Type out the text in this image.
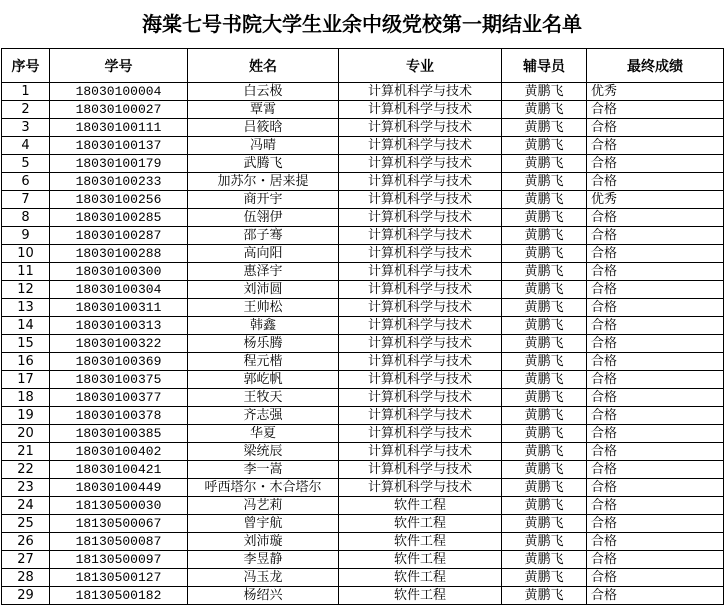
海棠七号书院大学生业余中级党校第一期结业名单
序号	学号	姓名	专业	辅导员	最终成绩
1	18030100004	白云极	计算机科学与技术	黄鹏飞	优秀
2	18030100027	覃霄	计算机科学与技术	黄鹏飞	合格
3	18030100111	吕筱晗	计算机科学与技术	黄鹏飞	合格
4	18030100137	冯晴	计算机科学与技术	黄鹏飞	合格
5	18030100179	武腾飞	计算机科学与技术	黄鹏飞	合格
6	18030100233	加苏尔・居来提	计算机科学与技术	黄鹏飞	合格
7	18030100256	商开宇	计算机科学与技术	黄鹏飞	优秀
8	18030100285	伍翎伊	计算机科学与技术	黄鹏飞	合格
9	18030100287	邵子骞	计算机科学与技术	黄鹏飞	合格
10	18030100288	高向阳	计算机科学与技术	黄鹏飞	合格
11	18030100300	惠泽宇	计算机科学与技术	黄鹏飞	合格
12	18030100304	刘沛圆	计算机科学与技术	黄鹏飞	合格
13	18030100311	王帅松	计算机科学与技术	黄鹏飞	合格
14	18030100313	韩鑫	计算机科学与技术	黄鹏飞	合格
15	18030100322	杨乐腾	计算机科学与技术	黄鹏飞	合格
16	18030100369	程元楷	计算机科学与技术	黄鹏飞	合格
17	18030100375	郭屹帆	计算机科学与技术	黄鹏飞	合格
18	18030100377	王牧天	计算机科学与技术	黄鹏飞	合格
19	18030100378	齐志强	计算机科学与技术	黄鹏飞	合格
20	18030100385	华夏	计算机科学与技术	黄鹏飞	合格
21	18030100402	梁统辰	计算机科学与技术	黄鹏飞	合格
22	18030100421	李一嵩	计算机科学与技术	黄鹏飞	合格
23	18030100449	呼西塔尔・木合塔尔	计算机科学与技术	黄鹏飞	合格
24	18130500030	冯艺莉	软件工程	黄鹏飞	合格
25	18130500067	曾宇航	软件工程	黄鹏飞	合格
26	18130500087	刘沛璇	软件工程	黄鹏飞	合格
27	18130500097	李昱静	软件工程	黄鹏飞	合格
28	18130500127	冯玉龙	软件工程	黄鹏飞	合格
29	18130500182	杨绍兴	软件工程	黄鹏飞	合格
